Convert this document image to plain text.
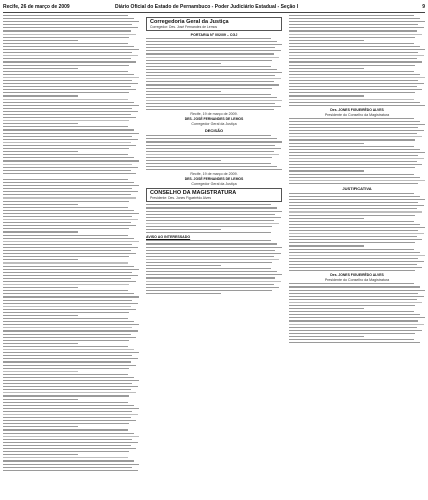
Recife, 26 de março de 2009	Diário Oficial do Estado de Pernambuco - Poder Judiciário Estadual - Seção I	9
Corregedoria Geral da Justiça
Corregedor: Des. José Fernandes de Lemos
PORTARIA Nº 002/09 – CGJ
Recife, 19 de março de 2009.
DES. JOSÉ FERNANDES DE LEMOS
Corregedor Geral da Justiça
DECISÃO
Recife, 19 de março de 2009.
DES. JOSÉ FERNANDES DE LEMOS
Corregedor Geral da Justiça
CONSELHO DA MAGISTRATURA
Presidente: Des. Jones Figueirêdo Alves
AVISO AO INTERESSADO
Des. JONES FIGUEIRÊDO ALVES
Presidente do Conselho da Magistratura
JUSTIFICATIVA
Des. JONES FIGUEIRÊDO ALVES
Presidente do Conselho da Magistratura
